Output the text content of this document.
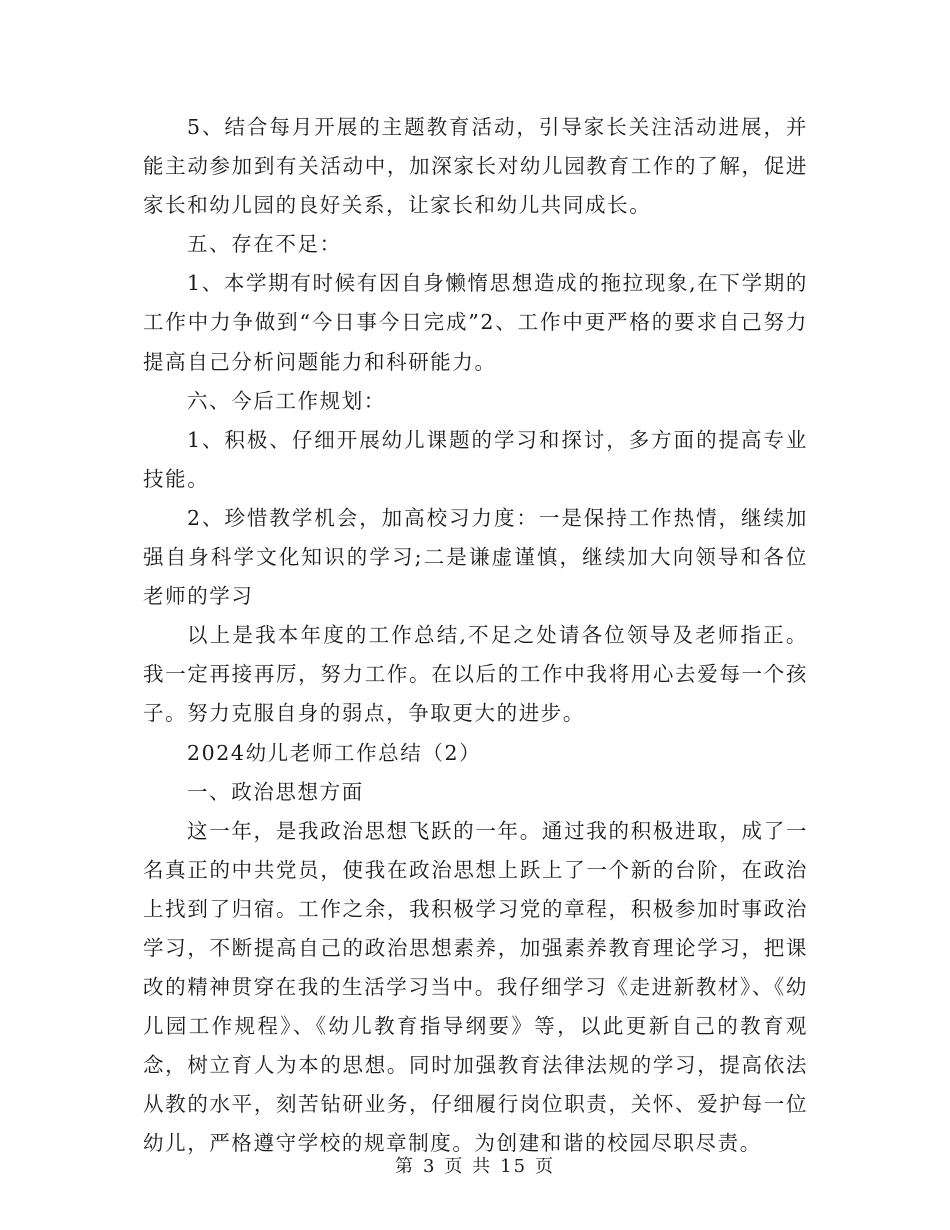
5、结合每月开展的主题教育活动，引导家长关注活动进展，并能主动参加到有关活动中，加深家长对幼儿园教育工作的了解，促进家长和幼儿园的良好关系，让家长和幼儿共同成长。

五、存在不足：

1、本学期有时候有因自身懒惰思想造成的拖拉现象,在下学期的工作中力争做到“今日事今日完成”2、工作中更严格的要求自己努力提高自己分析问题能力和科研能力。

六、今后工作规划：

1、积极、仔细开展幼儿课题的学习和探讨，多方面的提高专业技能。

2、珍惜教学机会，加高校习力度：一是保持工作热情，继续加强自身科学文化知识的学习;二是谦虚谨慎，继续加大向领导和各位老师的学习

以上是我本年度的工作总结,不足之处请各位领导及老师指正。我一定再接再厉，努力工作。在以后的工作中我将用心去爱每一个孩子。努力克服自身的弱点，争取更大的进步。

2024幼儿老师工作总结（2）

一、政治思想方面

这一年，是我政治思想飞跃的一年。通过我的积极进取，成了一名真正的中共党员，使我在政治思想上跃上了一个新的台阶，在政治上找到了归宿。工作之余，我积极学习党的章程，积极参加时事政治学习，不断提高自己的政治思想素养，加强素养教育理论学习，把课改的精神贯穿在我的生活学习当中。我仔细学习《走进新教材》、《幼儿园工作规程》、《幼儿教育指导纲要》等，以此更新自己的教育观念，树立育人为本的思想。同时加强教育法律法规的学习，提高依法从教的水平，刻苦钻研业务，仔细履行岗位职责，关怀、爱护每一位幼儿，严格遵守学校的规章制度。为创建和谐的校园尽职尽责。

第 3 页 共 15 页
